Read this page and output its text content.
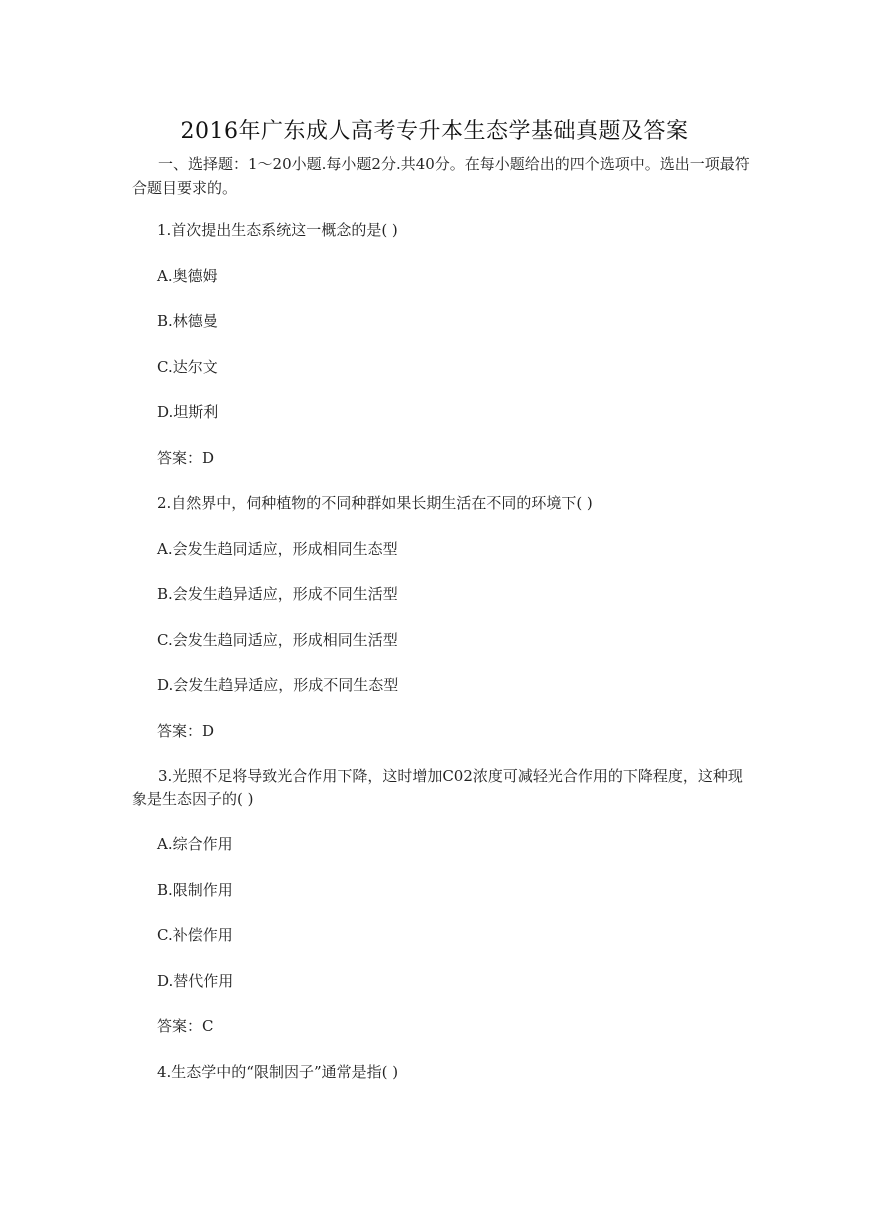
2016年广东成人高考专升本生态学基础真题及答案
一、选择题：1～20小题.每小题2分.共40分。在每小题给出的四个选项中。选出一项最符合题目要求的。
1.首次提出生态系统这一概念的是( )
A.奥德姆
B.林德曼
C.达尔文
D.坦斯利
答案：D
2.自然界中，伺种植物的不同种群如果长期生活在不同的环境下( )
A.会发生趋同适应，形成相同生态型
B.会发生趋异适应，形成不同生活型
C.会发生趋同适应，形成相同生活型
D.会发生趋异适应，形成不同生态型
答案：D
3.光照不足将导致光合作用下降，这时增加C02浓度可减轻光合作用的下降程度，这种现象是生态因子的( )
A.综合作用
B.限制作用
C.补偿作用
D.替代作用
答案：C
4.生态学中的“限制因子”通常是指( )
